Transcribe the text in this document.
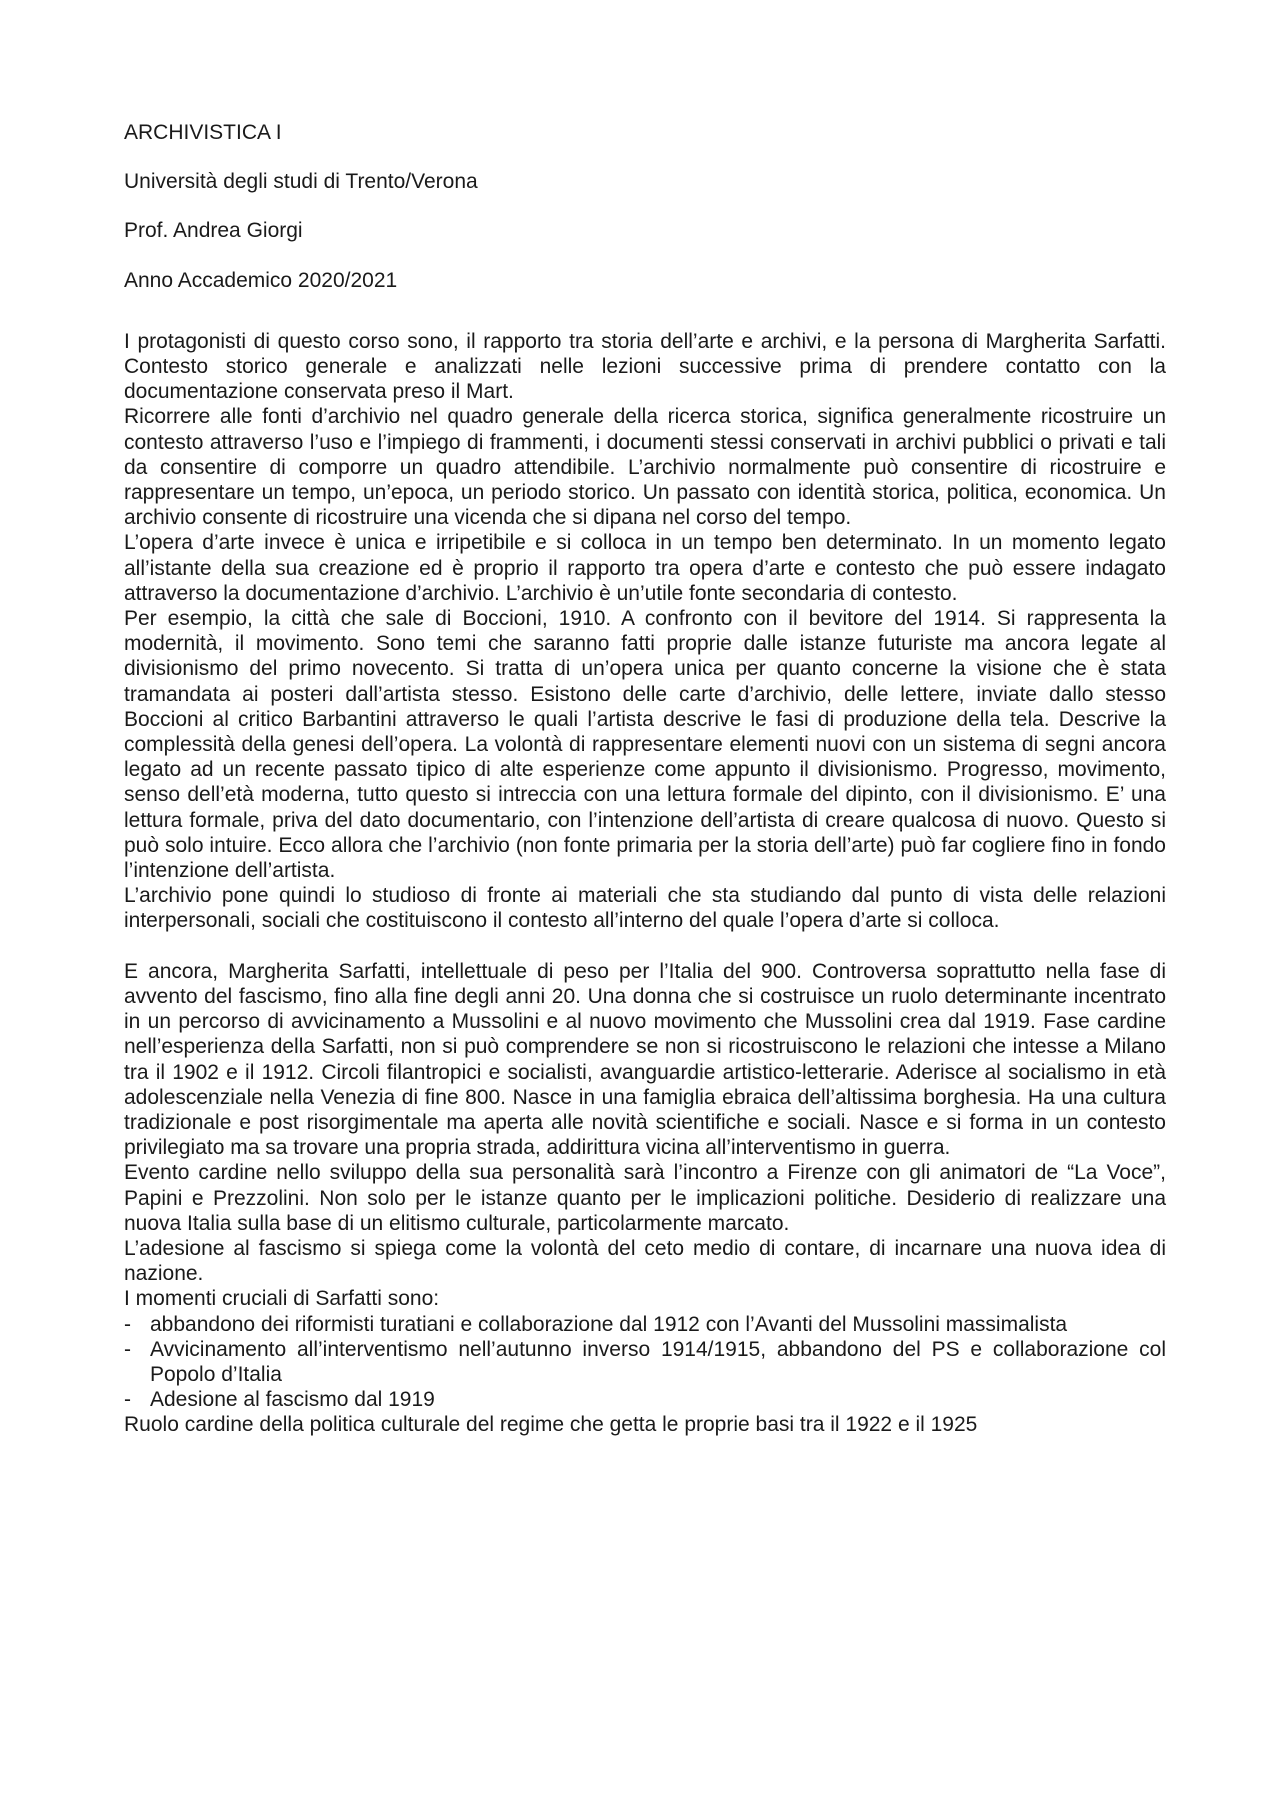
ARCHIVISTICA I
Università degli studi di Trento/Verona
Prof. Andrea Giorgi
Anno Accademico 2020/2021

I protagonisti di questo corso sono, il rapporto tra storia dell’arte e archivi, e la persona di Margherita Sarfatti. Contesto storico generale e analizzati nelle lezioni successive prima di prendere contatto con la documentazione conservata preso il Mart.

Ricorrere alle fonti d’archivio nel quadro generale della ricerca storica, significa generalmente ricostruire un contesto attraverso l’uso e l’impiego di frammenti, i documenti stessi conservati in archivi pubblici o privati e tali da consentire di comporre un quadro attendibile. L’archivio normalmente può consentire di ricostruire e rappresentare un tempo, un’epoca, un periodo storico. Un passato con identità storica, politica, economica. Un archivio consente di ricostruire una vicenda che si dipana nel corso del tempo.

L’opera d’arte invece è unica e irripetibile e si colloca in un tempo ben determinato. In un momento legato all’istante della sua creazione ed è proprio il rapporto tra opera d’arte e contesto che può essere indagato attraverso la documentazione d’archivio. L’archivio è un’utile fonte secondaria di contesto.

Per esempio, la città che sale di Boccioni, 1910. A confronto con il bevitore del 1914. Si rappresenta la modernità, il movimento. Sono temi che saranno fatti proprie dalle istanze futuriste ma ancora legate al divisionismo del primo novecento. Si tratta di un’opera unica per quanto concerne la visione che è stata tramandata ai posteri dall’artista stesso. Esistono delle carte d’archivio, delle lettere, inviate dallo stesso Boccioni al critico Barbantini attraverso le quali l’artista descrive le fasi di produzione della tela. Descrive la complessità della genesi dell’opera. La volontà di rappresentare elementi nuovi con un sistema di segni ancora legato ad un recente passato tipico di alte esperienze come appunto il divisionismo. Progresso, movimento, senso dell’età moderna, tutto questo si intreccia con una lettura formale del dipinto, con il divisionismo. E’ una lettura formale, priva del dato documentario, con l’intenzione dell’artista di creare qualcosa di nuovo. Questo si può solo intuire. Ecco allora che l’archivio (non fonte primaria per la storia dell’arte) può far cogliere fino in fondo l’intenzione dell’artista.

L’archivio pone quindi lo studioso di fronte ai materiali che sta studiando dal punto di vista delle relazioni interpersonali, sociali che costituiscono il contesto all’interno del quale l’opera d’arte si colloca.

E ancora, Margherita Sarfatti, intellettuale di peso per l’Italia del 900. Controversa soprattutto nella fase di avvento del fascismo, fino alla fine degli anni 20. Una donna che si costruisce un ruolo determinante incentrato in un percorso di avvicinamento a Mussolini e al nuovo movimento che Mussolini crea dal 1919. Fase cardine nell’esperienza della Sarfatti, non si può comprendere se non si ricostruiscono le relazioni che intesse a Milano tra il 1902 e il 1912. Circoli filantropici e socialisti, avanguardie artistico-letterarie. Aderisce al socialismo in età adolescenziale nella Venezia di fine 800. Nasce in una famiglia ebraica dell’altissima borghesia. Ha una cultura tradizionale e post risorgimentale ma aperta alle novità scientifiche e sociali. Nasce e si forma in un contesto privilegiato ma sa trovare una propria strada, addirittura vicina all’interventismo in guerra.

Evento cardine nello sviluppo della sua personalità sarà l’incontro a Firenze con gli animatori de “La Voce”, Papini e Prezzolini. Non solo per le istanze quanto per le implicazioni politiche. Desiderio di realizzare una nuova Italia sulla base di un elitismo culturale, particolarmente marcato.

L’adesione al fascismo si spiega come la volontà del ceto medio di contare, di incarnare una nuova idea di nazione.

I momenti cruciali di Sarfatti sono:

- abbandono dei riformisti turatiani e collaborazione dal 1912 con l’Avanti del Mussolini massimalista
- Avvicinamento all’interventismo nell’autunno inverso 1914/1915, abbandono del PS e collaborazione col Popolo d’Italia
- Adesione al fascismo dal 1919

Ruolo cardine della politica culturale del regime che getta le proprie basi tra il 1922 e il 1925
